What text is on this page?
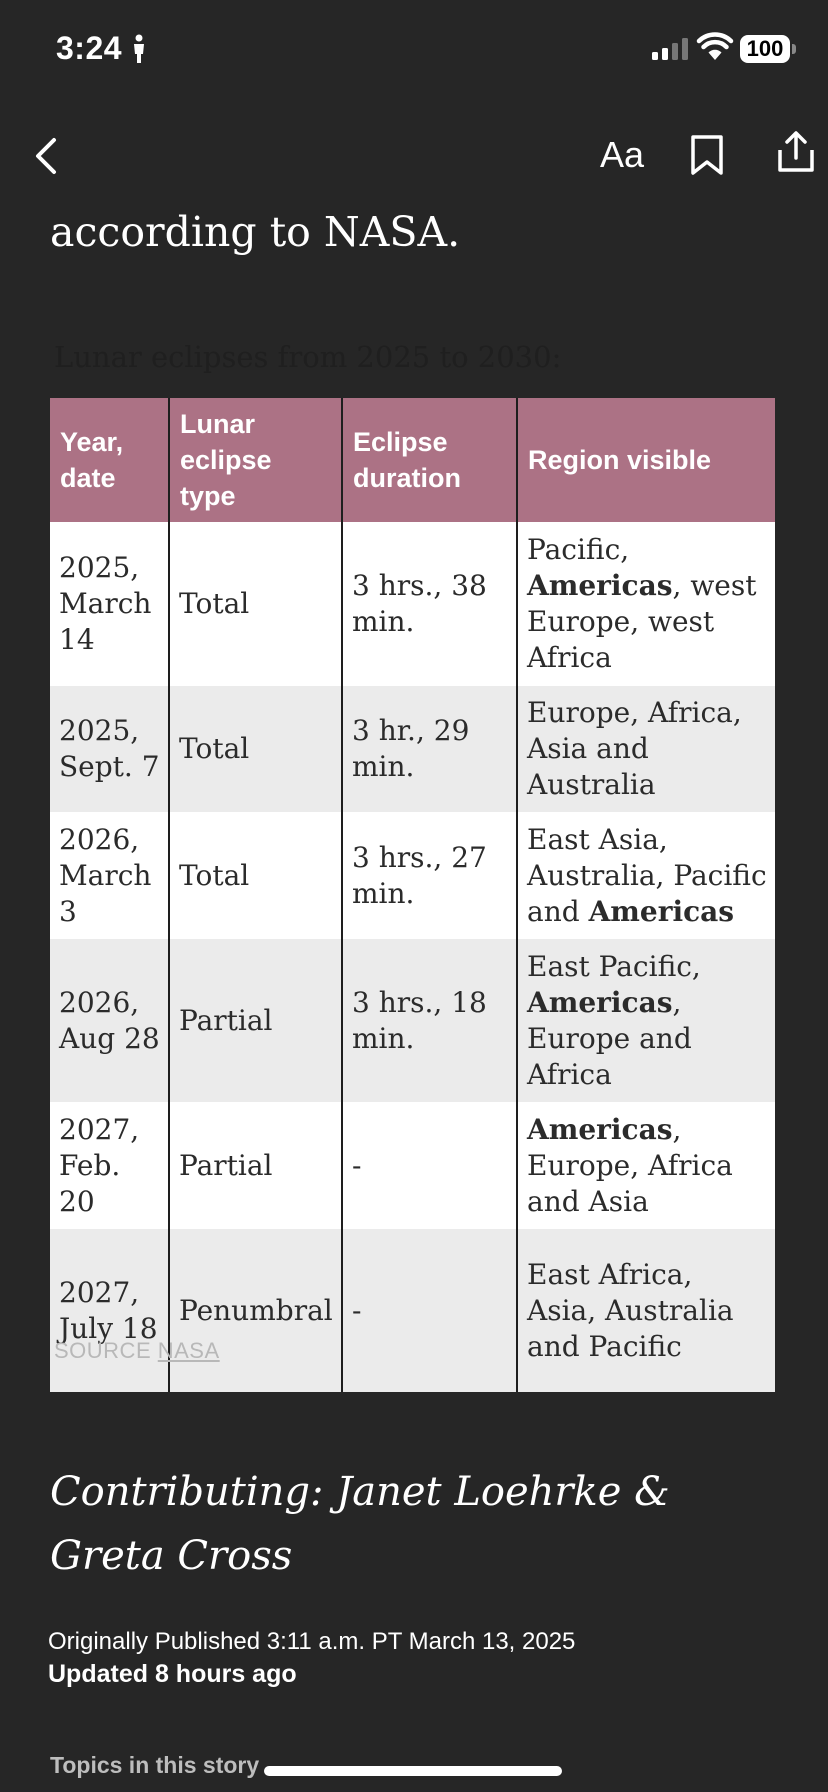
3:24	100
Aa
according to NASA.
Lunar eclipses from 2025 to 2030:
Year, date	Lunar eclipse type	Eclipse duration	Region visible
2025, March 14	Total	3 hrs., 38 min.	Pacific, Americas, west Europe, west Africa
2025, Sept. 7	Total	3 hr., 29 min.	Europe, Africa, Asia and Australia
2026, March 3	Total	3 hrs., 27 min.	East Asia, Australia, Pacific and Americas
2026, Aug 28	Partial	3 hrs., 18 min.	East Pacific, Americas, Europe and Africa
2027, Feb. 20	Partial	-	Americas, Europe, Africa and Asia
2027, July 18	Penumbral	-	East Africa, Asia, Australia and Pacific
SOURCE NASA
Contributing: Janet Loehrke & Greta Cross
Originally Published 3:11 a.m. PT March 13, 2025
Updated 8 hours ago
Topics in this story
